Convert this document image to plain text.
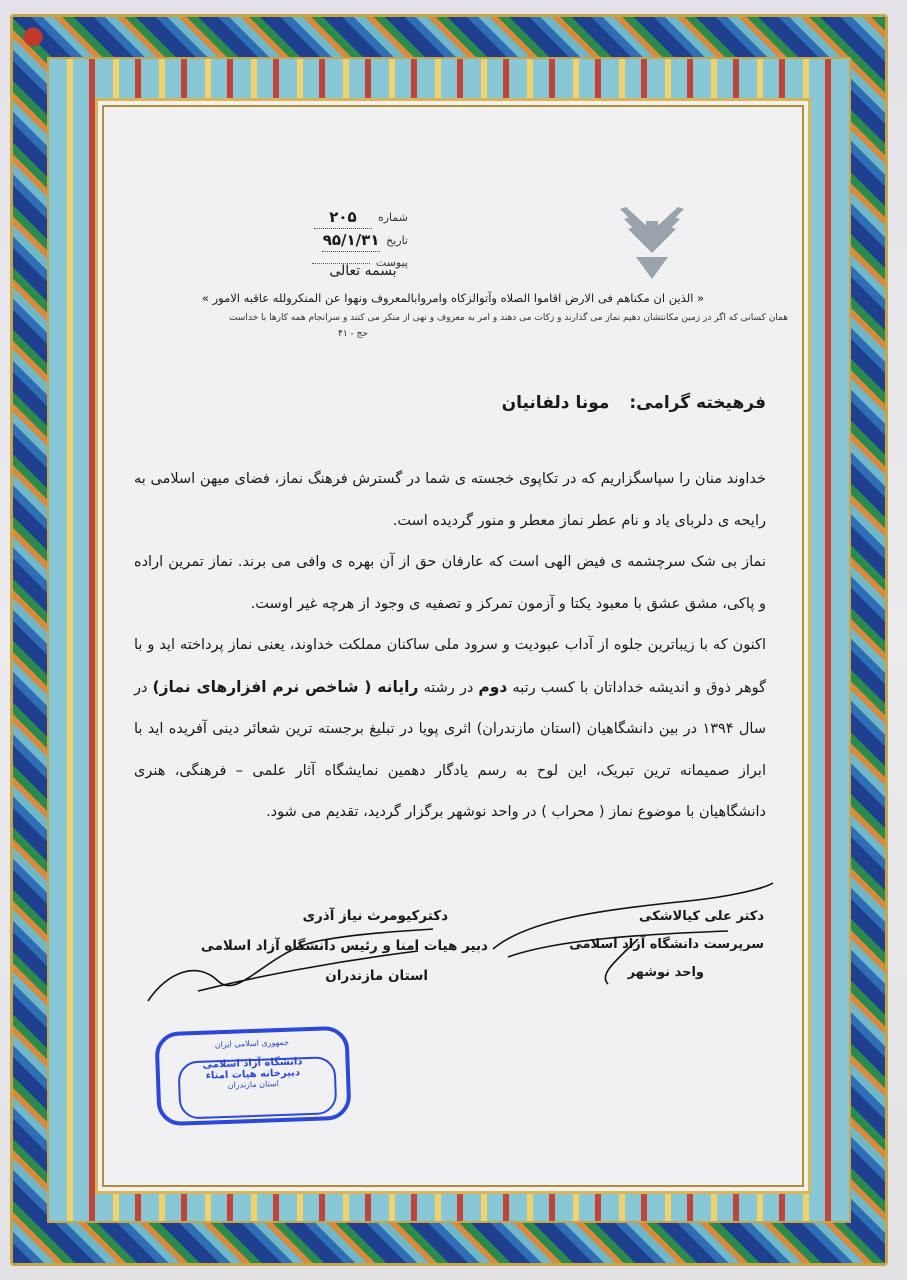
شماره
۲۰۵
تاریخ
۹۵/۱/۳۱
پیوست
بسمه تعالی
« الذین ان مکناهم فی الارض اقاموا الصلاه وآتوالزکاه وامروابالمعروف ونهوا عن المنکرولله عاقبه الامور »
همان کسانی که اگر در زمین مکانتشان دهیم نماز می گذارند و زکات می دهند و امر به معروف و نهی از منکر می کنند و سرانجام همه کارها با خداست
حج - ۴۱
فرهیخته گرامی: مونا دلفانیان

خداوند منان را سپاسگزاریم که در تکاپوی خجسته ی شما در گسترش فرهنگ نماز، فضای میهن اسلامی به رایحه ی دلربای یاد و نام عطر نماز معطر و منور گردیده است.

نماز بی شک سرچشمه ی فیض الهی است که عارفان حق از آن بهره ی وافی می برند. نماز تمرین اراده و پاکی، مشق عشق با معبود یکتا و آزمون تمرکز و تصفیه ی وجود از هرچه غیر اوست.

اکنون که با زیباترین جلوه از آداب عبودیت و سرود ملی ساکنان مملکت خداوند، یعنی نماز پرداخته اید و با گوهر ذوق و اندیشه خداداتان با کسب رتبه دوم در رشته رایانه ( شاخص نرم افزارهای نماز) در سال ۱۳۹۴ در بین دانشگاهیان (استان مازندران) اثری پویا در تبلیغ برجسته ترین شعائر دینی آفریده اید با ابراز صمیمانه ترین تبریک، این لوح به رسم یادگار دهمین نمایشگاه آثار علمی – فرهنگی، هنری دانشگاهیان با موضوع نماز ( محراب ) در واحد نوشهر برگزار گردید، تقدیم می شود.

دکتر علی کیالاشکی
سرپرست دانشگاه آزاد اسلامی
واحد نوشهر
دکترکیومرث نیاز آذری
دبیر هیات امنا و رئیس دانشگاه آزاد اسلامی
استان مازندران
جمهوری اسلامی ایران
دانشگاه آزاد اسلامی
دبیرخانه هیات امناء
استان مازندران
